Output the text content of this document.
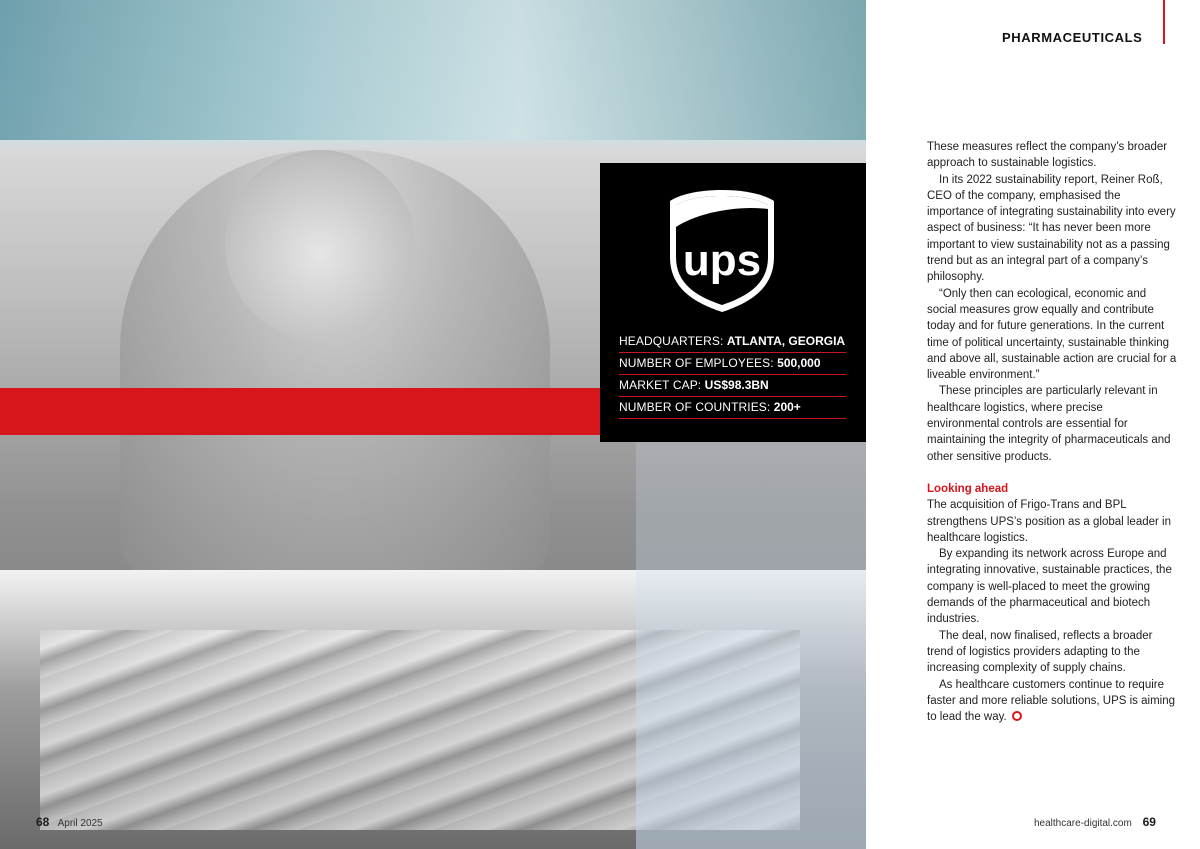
ups
HEADQUARTERS: ATLANTA, GEORGIA
NUMBER OF EMPLOYEES: 500,000
MARKET CAP: US$98.3BN
NUMBER OF COUNTRIES: 200+
68 April 2025
PHARMACEUTICALS

These measures reflect the company’s broader approach to sustainable logistics.

In its 2022 sustainability report, Reiner Roß, CEO of the company, emphasised the importance of integrating sustainability into every aspect of business: “It has never been more important to view sustainability not as a passing trend but as an integral part of a company’s philosophy.

“Only then can ecological, economic and social measures grow equally and contribute today and for future generations. In the current time of political uncertainty, sustainable thinking and above all, sustainable action are crucial for a liveable environment.”

These principles are particularly relevant in healthcare logistics, where precise environmental controls are essential for maintaining the integrity of pharmaceuticals and other sensitive products.

Looking ahead

The acquisition of Frigo-Trans and BPL strengthens UPS’s position as a global leader in healthcare logistics.

By expanding its network across Europe and integrating innovative, sustainable practices, the company is well-placed to meet the growing demands of the pharmaceutical and biotech industries.

The deal, now finalised, reflects a broader trend of logistics providers adapting to the increasing complexity of supply chains.

As healthcare customers continue to require faster and more reliable solutions, UPS is aiming to lead the way.

healthcare-digital.com 69
